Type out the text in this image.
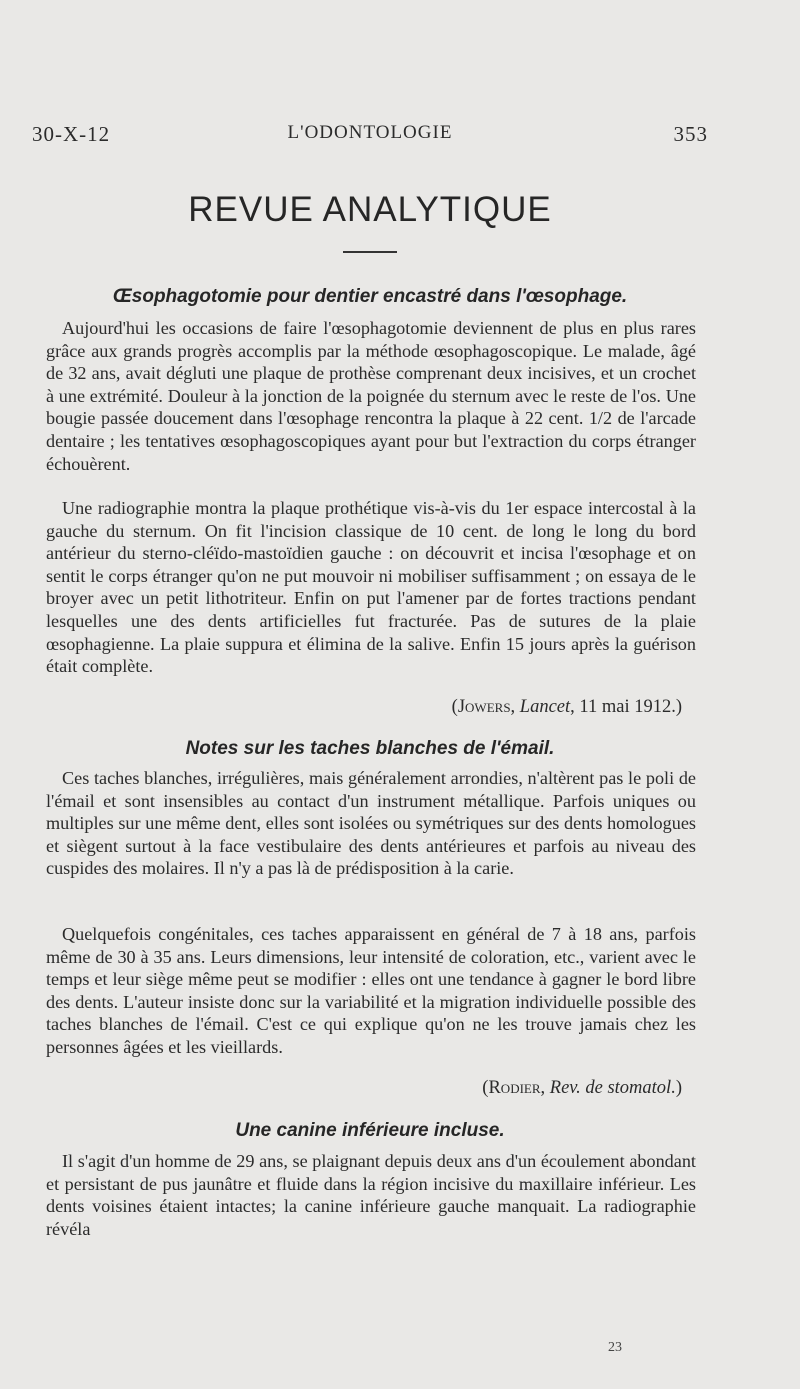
30-X-12	L'ODONTOLOGIE	353
REVUE ANALYTIQUE
Œsophagotomie pour dentier encastré dans l'œsophage.

Aujourd'hui les occasions de faire l'œsophagotomie deviennent de plus en plus rares grâce aux grands progrès accomplis par la méthode œsophagoscopique. Le malade, âgé de 32 ans, avait dégluti une plaque de prothèse comprenant deux incisives, et un crochet à une extrémité. Douleur à la jonction de la poignée du sternum avec le reste de l'os. Une bougie passée doucement dans l'œsophage rencontra la plaque à 22 cent. 1/2 de l'arcade dentaire ; les tentatives œsophagoscopiques ayant pour but l'extraction du corps étranger échouèrent.

Une radiographie montra la plaque prothétique vis-à-vis du 1er espace intercostal à la gauche du sternum. On fit l'incision classique de 10 cent. de long le long du bord antérieur du sterno-cléïdo-mastoïdien gauche : on découvrit et incisa l'œsophage et on sentit le corps étranger qu'on ne put mouvoir ni mobiliser suffisamment ; on essaya de le broyer avec un petit lithotriteur. Enfin on put l'amener par de fortes tractions pendant lesquelles une des dents artificielles fut fracturée. Pas de sutures de la plaie œsophagienne. La plaie suppura et élimina de la salive. Enfin 15 jours après la guérison était complète.

(Jowers, Lancet, 11 mai 1912.)
Notes sur les taches blanches de l'émail.

Ces taches blanches, irrégulières, mais généralement arrondies, n'altèrent pas le poli de l'émail et sont insensibles au contact d'un instrument métallique. Parfois uniques ou multiples sur une même dent, elles sont isolées ou symétriques sur des dents homologues et siègent surtout à la face vestibulaire des dents antérieures et parfois au niveau des cuspides des molaires. Il n'y a pas là de prédisposition à la carie.

Quelquefois congénitales, ces taches apparaissent en général de 7 à 18 ans, parfois même de 30 à 35 ans. Leurs dimensions, leur intensité de coloration, etc., varient avec le temps et leur siège même peut se modifier : elles ont une tendance à gagner le bord libre des dents. L'auteur insiste donc sur la variabilité et la migration individuelle possible des taches blanches de l'émail. C'est ce qui explique qu'on ne les trouve jamais chez les personnes âgées et les vieillards.

(Rodier, Rev. de stomatol.)
Une canine inférieure incluse.

Il s'agit d'un homme de 29 ans, se plaignant depuis deux ans d'un écoulement abondant et persistant de pus jaunâtre et fluide dans la région incisive du maxillaire inférieur. Les dents voisines étaient intactes; la canine inférieure gauche manquait. La radiographie révéla

23
